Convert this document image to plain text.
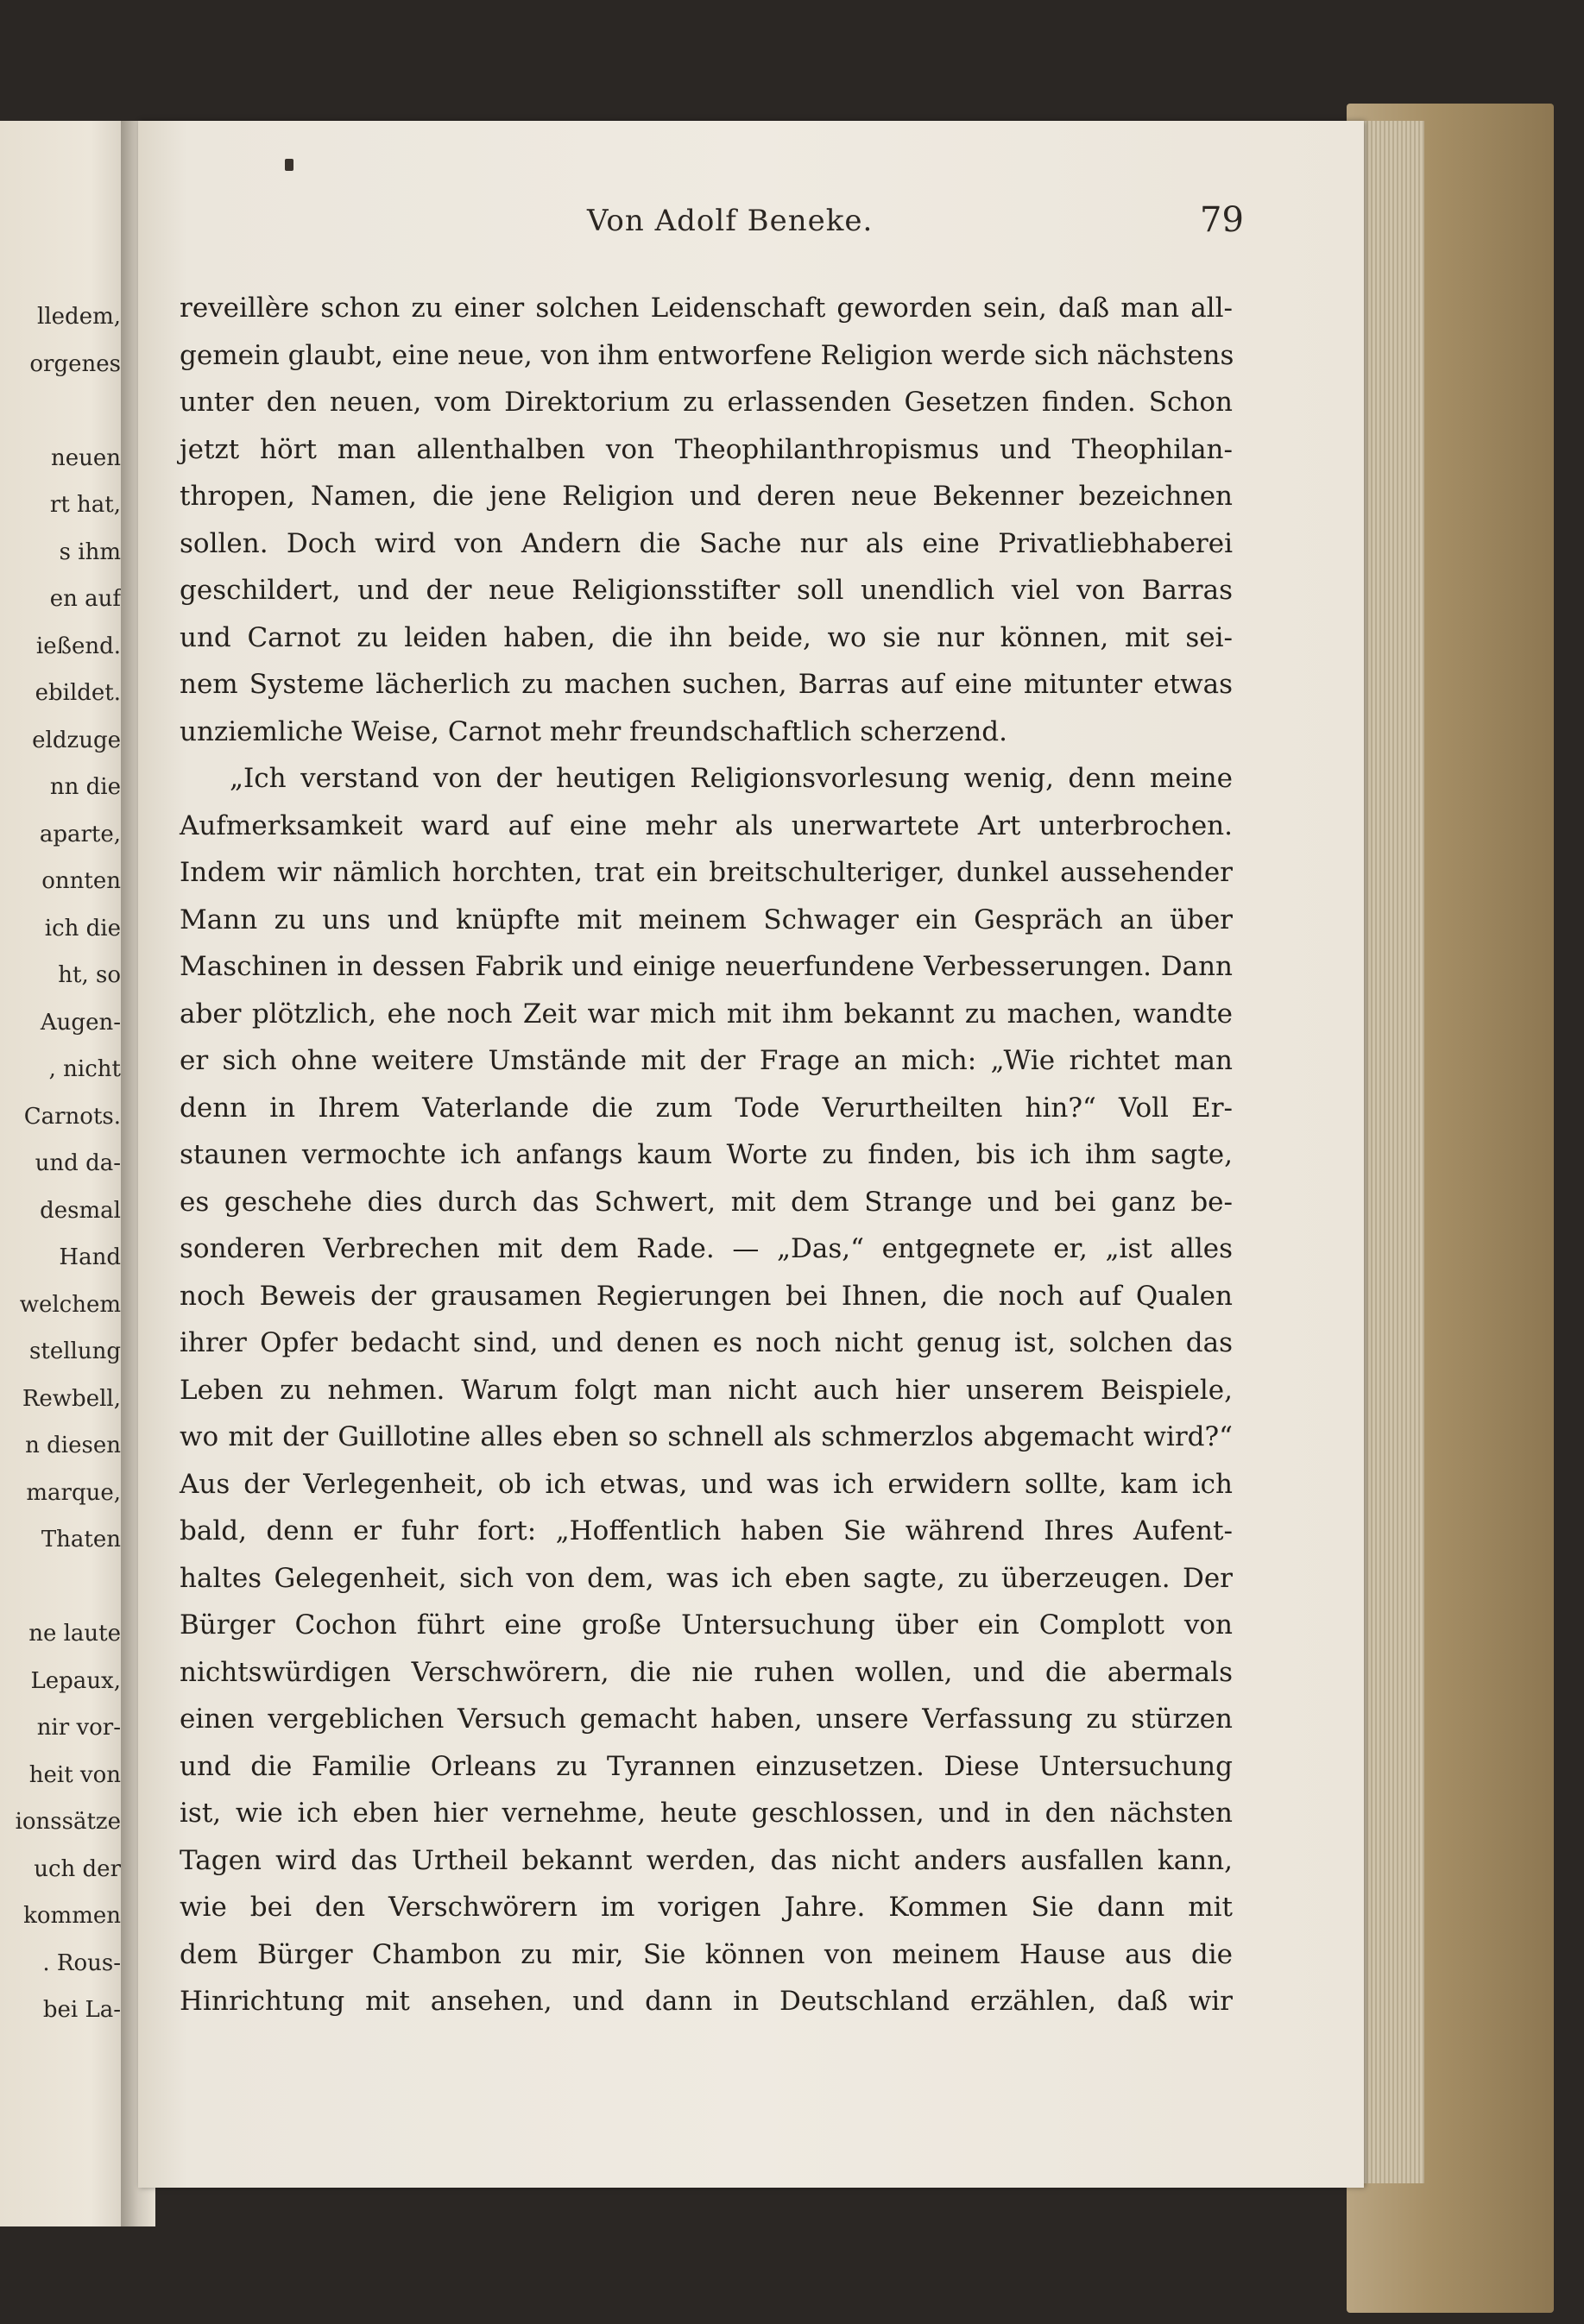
lledem,
orgenes
neuen
rt hat,
s ihm
en auf
ießend.
ebildet.
eldzuge
nn die
aparte,
onnten
ich die
ht, so
Augen-
, nicht
Carnots.
und da-
desmal
Hand
welchem
stellung
Rewbell,
n diesen
marque,
Thaten
ne laute
Lepaux,
nir vor-
heit von
ionssätze
uch der
kommen
. Rous-
bei La-
Von Adolf Beneke.	79
reveillère schon zu einer solchen Leidenschaft geworden sein, daß man all-
gemein glaubt, eine neue, von ihm entworfene Religion werde sich nächstens
unter den neuen, vom Direktorium zu erlassenden Gesetzen finden. Schon
jetzt hört man allenthalben von Theophilanthropismus und Theophilan-
thropen, Namen, die jene Religion und deren neue Bekenner bezeichnen
sollen. Doch wird von Andern die Sache nur als eine Privatliebhaberei
geschildert, und der neue Religionsstifter soll unendlich viel von Barras
und Carnot zu leiden haben, die ihn beide, wo sie nur können, mit sei-
nem Systeme lächerlich zu machen suchen, Barras auf eine mitunter etwas
unziemliche Weise, Carnot mehr freundschaftlich scherzend.
„Ich verstand von der heutigen Religionsvorlesung wenig, denn meine
Aufmerksamkeit ward auf eine mehr als unerwartete Art unterbrochen.
Indem wir nämlich horchten, trat ein breitschulteriger, dunkel aussehender
Mann zu uns und knüpfte mit meinem Schwager ein Gespräch an über
Maschinen in dessen Fabrik und einige neuerfundene Verbesserungen. Dann
aber plötzlich, ehe noch Zeit war mich mit ihm bekannt zu machen, wandte
er sich ohne weitere Umstände mit der Frage an mich: „Wie richtet man
denn in Ihrem Vaterlande die zum Tode Verurtheilten hin?“ Voll Er-
staunen vermochte ich anfangs kaum Worte zu finden, bis ich ihm sagte,
es geschehe dies durch das Schwert, mit dem Strange und bei ganz be-
sonderen Verbrechen mit dem Rade. — „Das,“ entgegnete er, „ist alles
noch Beweis der grausamen Regierungen bei Ihnen, die noch auf Qualen
ihrer Opfer bedacht sind, und denen es noch nicht genug ist, solchen das
Leben zu nehmen. Warum folgt man nicht auch hier unserem Beispiele,
wo mit der Guillotine alles eben so schnell als schmerzlos abgemacht wird?“
Aus der Verlegenheit, ob ich etwas, und was ich erwidern sollte, kam ich
bald, denn er fuhr fort: „Hoffentlich haben Sie während Ihres Aufent-
haltes Gelegenheit, sich von dem, was ich eben sagte, zu überzeugen. Der
Bürger Cochon führt eine große Untersuchung über ein Complott von
nichtswürdigen Verschwörern, die nie ruhen wollen, und die abermals
einen vergeblichen Versuch gemacht haben, unsere Verfassung zu stürzen
und die Familie Orleans zu Tyrannen einzusetzen. Diese Untersuchung
ist, wie ich eben hier vernehme, heute geschlossen, und in den nächsten
Tagen wird das Urtheil bekannt werden, das nicht anders ausfallen kann,
wie bei den Verschwörern im vorigen Jahre. Kommen Sie dann mit
dem Bürger Chambon zu mir, Sie können von meinem Hause aus die
Hinrichtung mit ansehen, und dann in Deutschland erzählen, daß wir
